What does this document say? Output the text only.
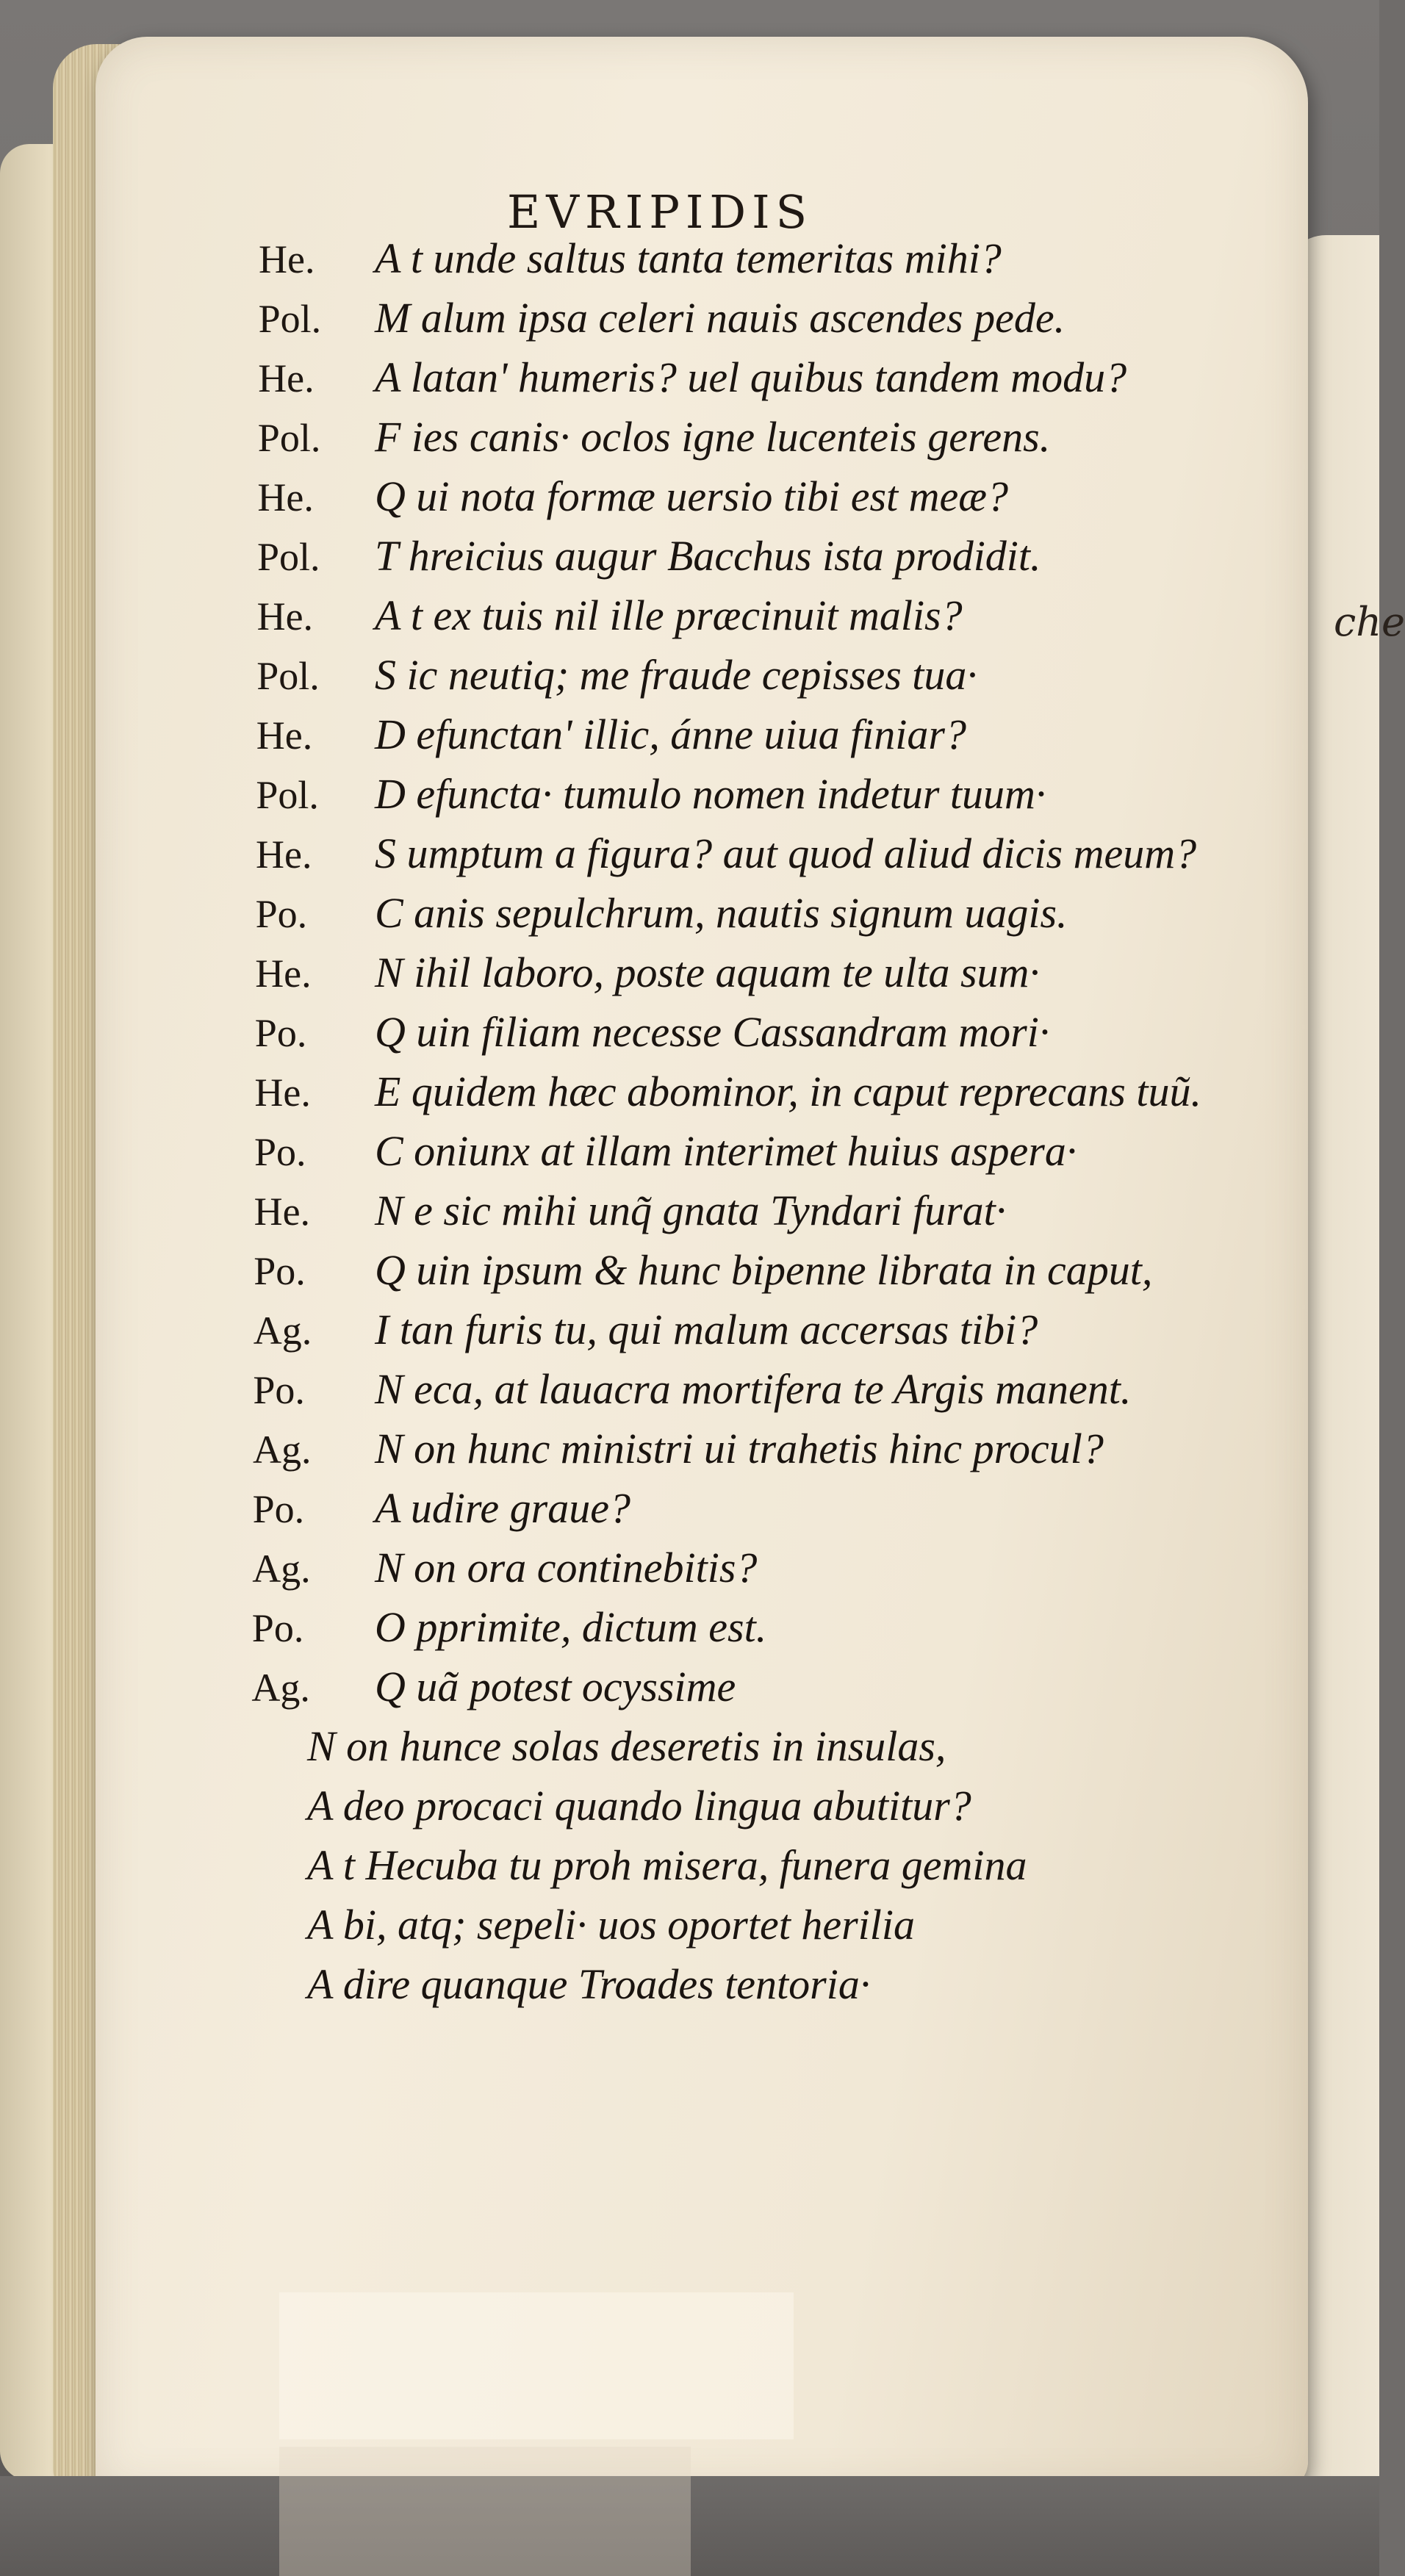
che
EVRIPIDIS
He. A t unde saltus tanta temeritas mihi?
Pol. M alum ipsa celeri nauis ascendes pede.
He. A latan' humeris? uel quibus tandem modu?
Pol. F ies canis· oclos igne lucenteis gerens.
He. Q ui nota formæ uersio tibi est meæ?
Pol. T hreicius augur Bacchus ista prodidit.
He. A t ex tuis nil ille præcinuit malis?
Pol. S ic neutiq; me fraude cepisses tua·
He. D efunctan' illic, ánne uiua finiar?
Pol. D efuncta· tumulo nomen indetur tuum·
He. S umptum a figura? aut quod aliud dicis meum?
Po. C anis sepulchrum, nautis signum uagis.
He. N ihil laboro, poste aquam te ulta sum·
Po. Q uin filiam necesse Cassandram mori·
He. E quidem hæc abominor, in caput reprecans tuũ.
Po. C oniunx at illam interimet huius aspera·
He. N e sic mihi unq̃ gnata Tyndari furat·
Po. Q uin ipsum & hunc bipenne librata in caput,
Ag. I tan furis tu, qui malum accersas tibi?
Po. N eca, at lauacra mortifera te Argis manent.
Ag. N on hunc ministri ui trahetis hinc procul?
Po. A udire graue?
Ag. N on ora continebitis?
Po. O pprimite, dictum est.
Ag. Q uã potest ocyssime
N on hunce solas deseretis in insulas,
A deo procaci quando lingua abutitur?
A t Hecuba tu proh misera, funera gemina
A bi, atq; sepeli· uos oportet herilia
A dire quanque Troades tentoria·
